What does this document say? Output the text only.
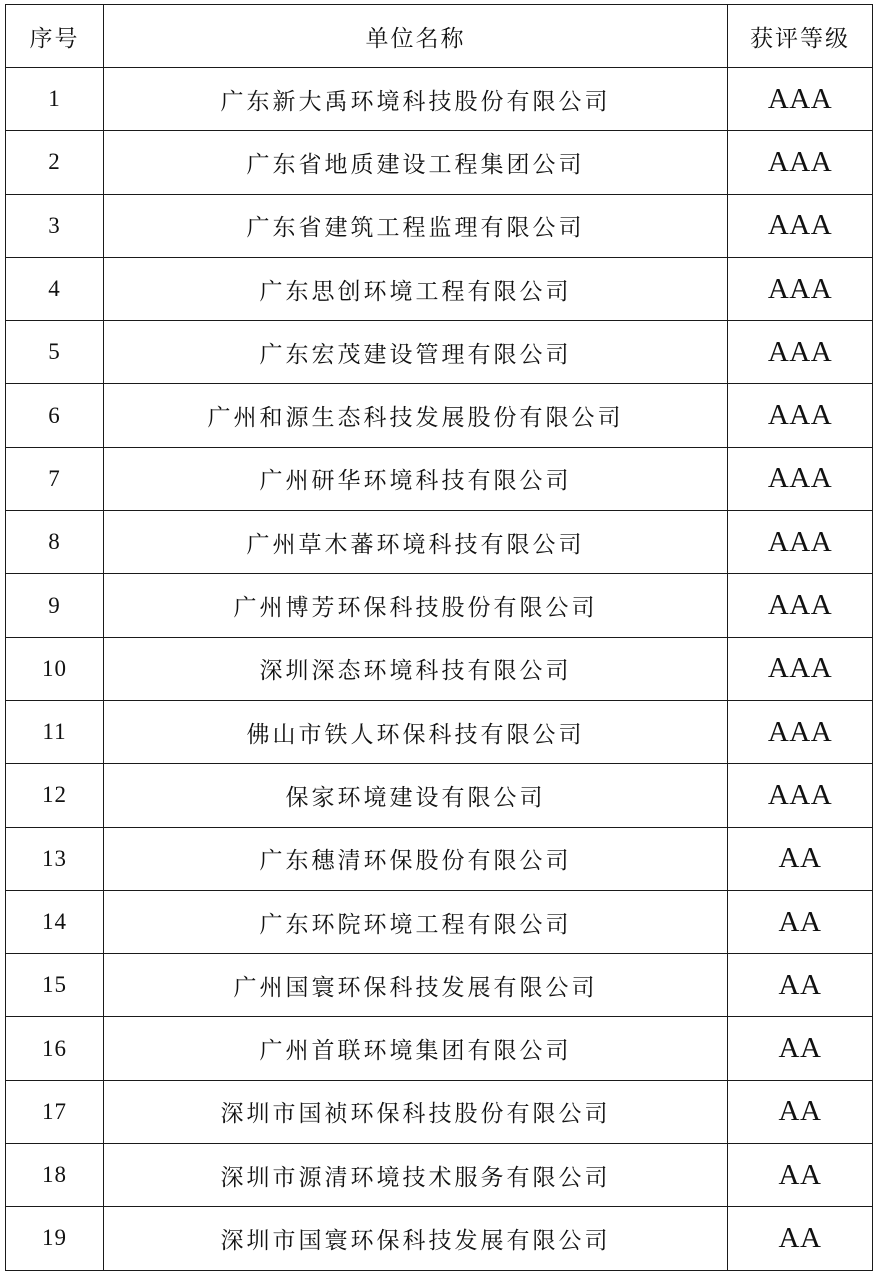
序号	单位名称	获评等级
1	广东新大禹环境科技股份有限公司	AAA
2	广东省地质建设工程集团公司	AAA
3	广东省建筑工程监理有限公司	AAA
4	广东思创环境工程有限公司	AAA
5	广东宏茂建设管理有限公司	AAA
6	广州和源生态科技发展股份有限公司	AAA
7	广州研华环境科技有限公司	AAA
8	广州草木蕃环境科技有限公司	AAA
9	广州博芳环保科技股份有限公司	AAA
10	深圳深态环境科技有限公司	AAA
11	佛山市铁人环保科技有限公司	AAA
12	保家环境建设有限公司	AAA
13	广东穗清环保股份有限公司	AA
14	广东环院环境工程有限公司	AA
15	广州国寰环保科技发展有限公司	AA
16	广州首联环境集团有限公司	AA
17	深圳市国祯环保科技股份有限公司	AA
18	深圳市源清环境技术服务有限公司	AA
19	深圳市国寰环保科技发展有限公司	AA
